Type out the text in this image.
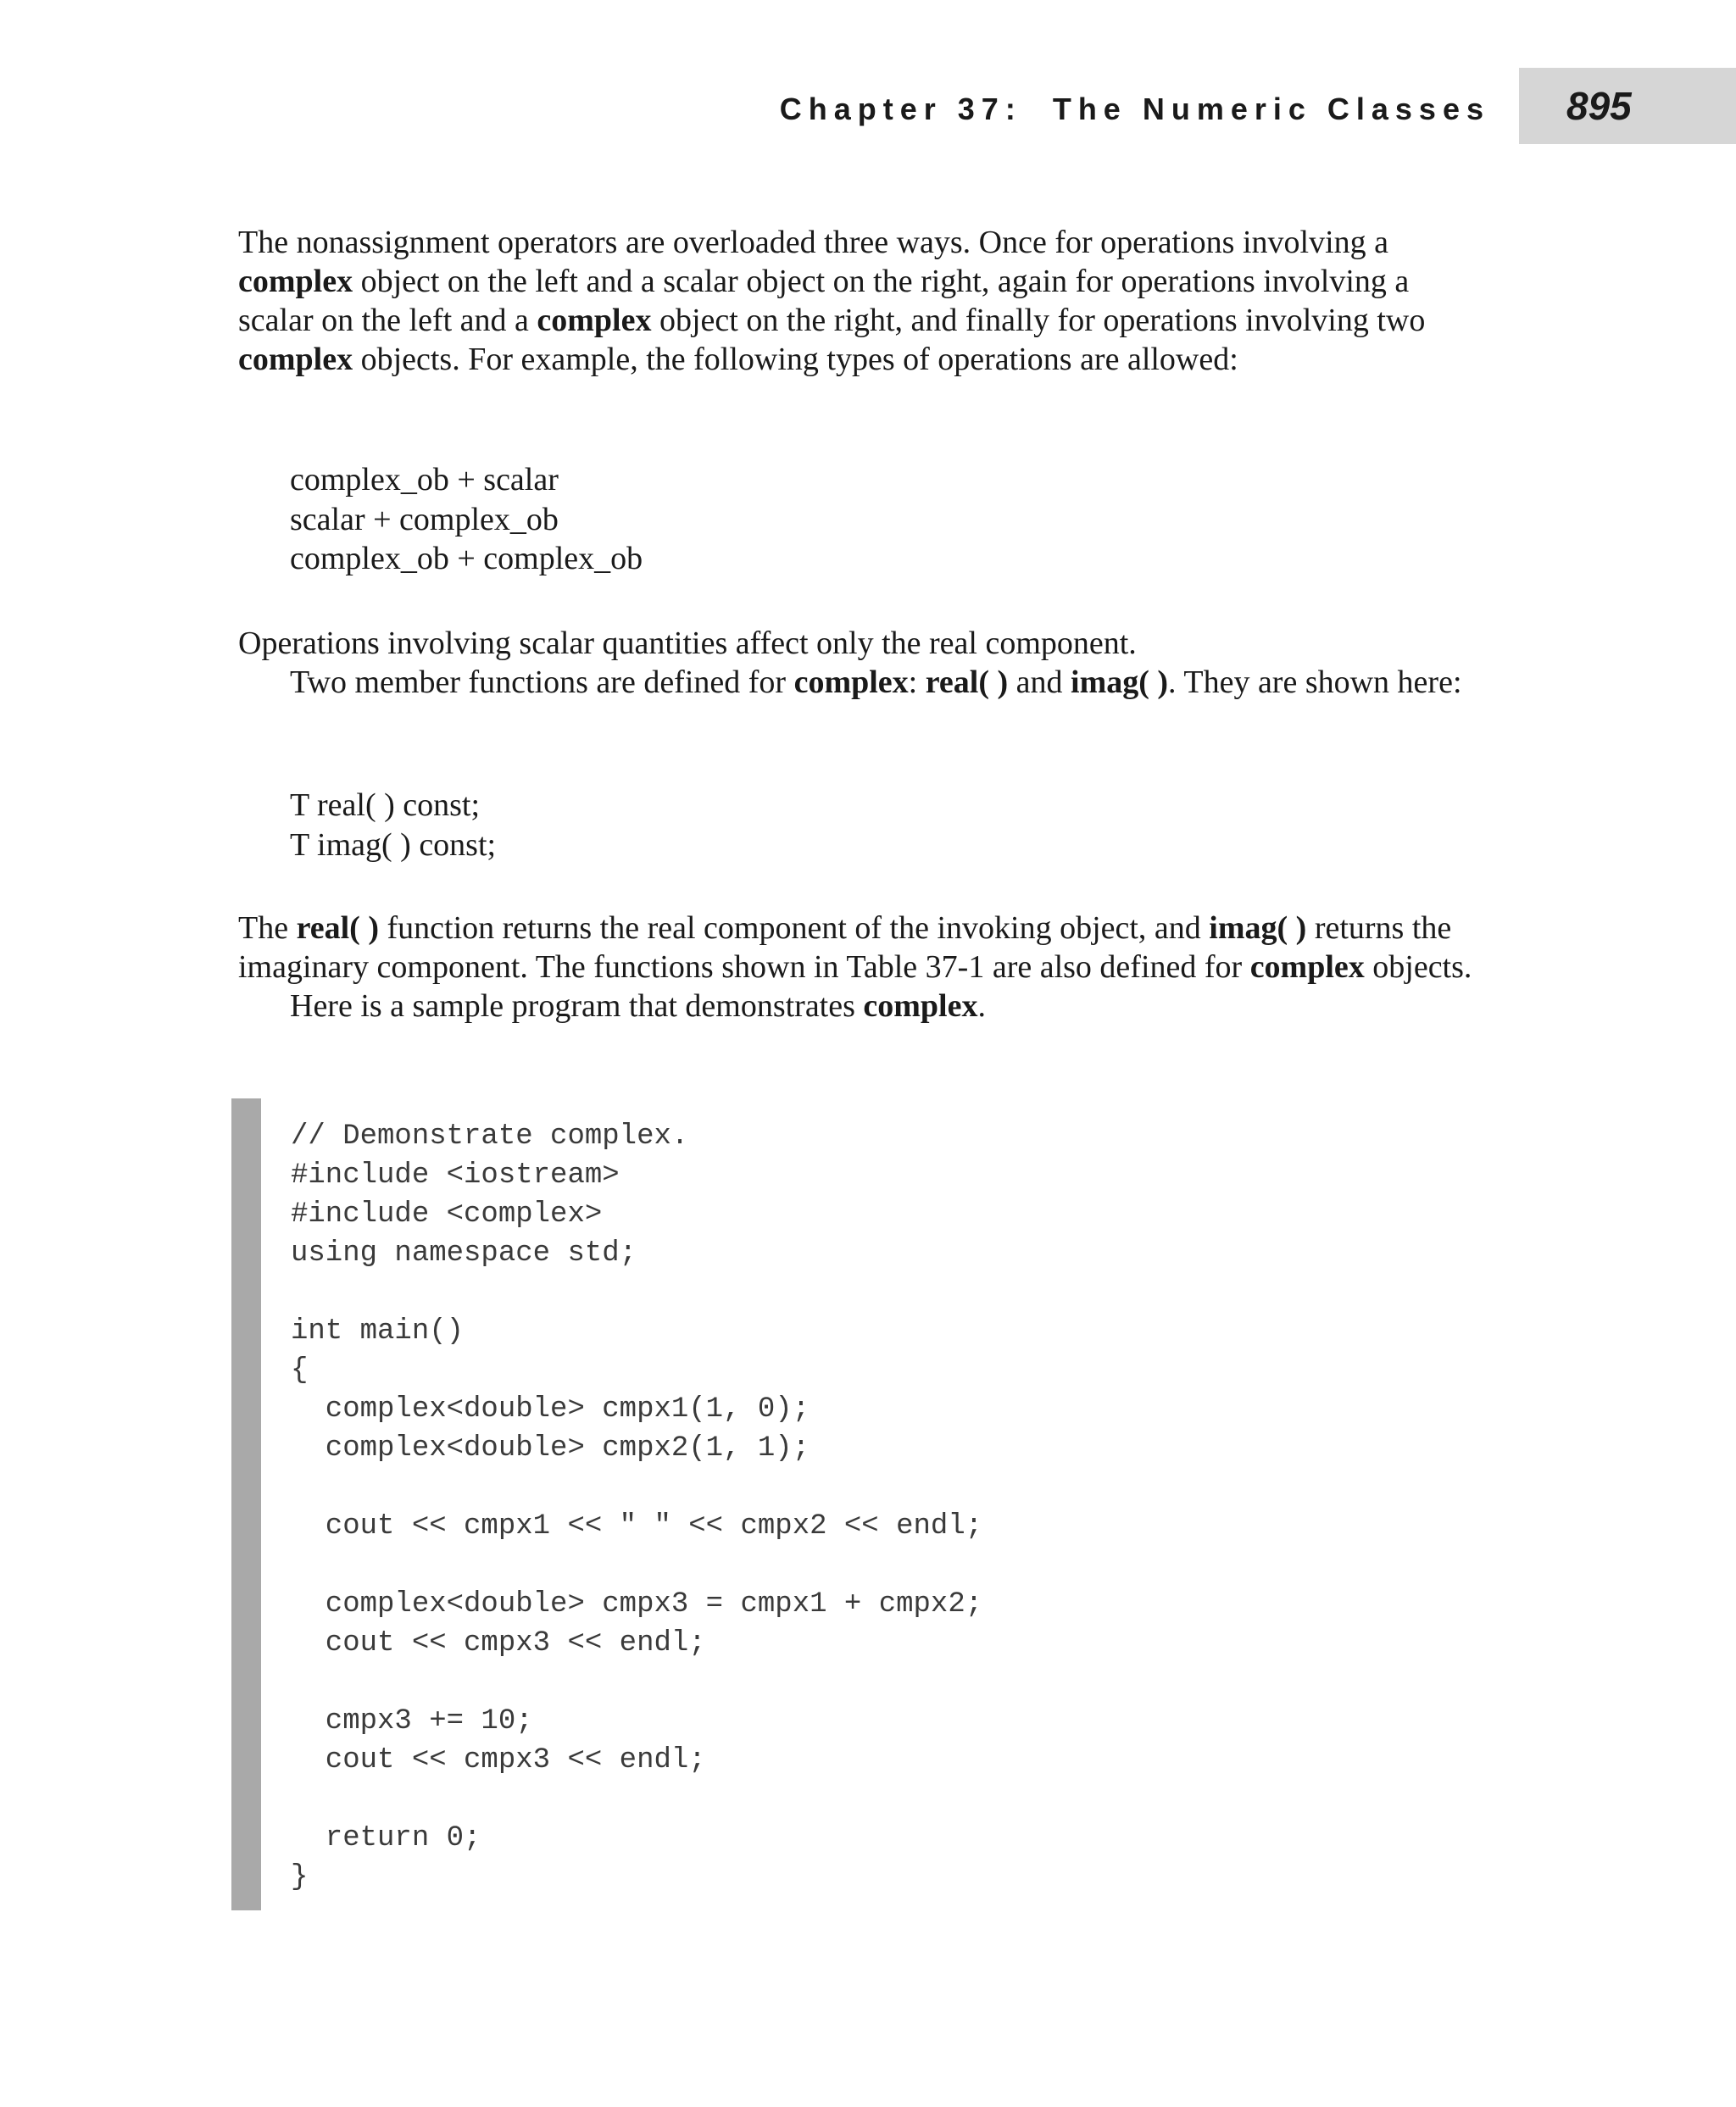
Chapter 37:  The Numeric Classes 895

The nonassignment operators are overloaded three ways. Once for operations involving a complex object on the left and a scalar object on the right, again for operations involving a scalar on the left and a complex object on the right, and finally for operations involving two complex objects. For example, the following types of operations are allowed:

complex_ob + scalar
scalar + complex_ob
complex_ob + complex_ob

Operations involving scalar quantities affect only the real component.

Two member functions are defined for complex: real( ) and imag( ). They are shown here:

T real( ) const;
T imag( ) const;

The real( ) function returns the real component of the invoking object, and imag( ) returns the imaginary component. The functions shown in Table 37-1 are also defined for complex objects.

Here is a sample program that demonstrates complex.

// Demonstrate complex.
#include <iostream>
#include <complex>
using namespace std;
int main()
{
complex<double> cmpx1(1, 0);
complex<double> cmpx2(1, 1);
cout << cmpx1 << " " << cmpx2 << endl;
complex<double> cmpx3 = cmpx1 + cmpx2;
cout << cmpx3 << endl;
cmpx3 += 10;
cout << cmpx3 << endl;
return 0;
}
